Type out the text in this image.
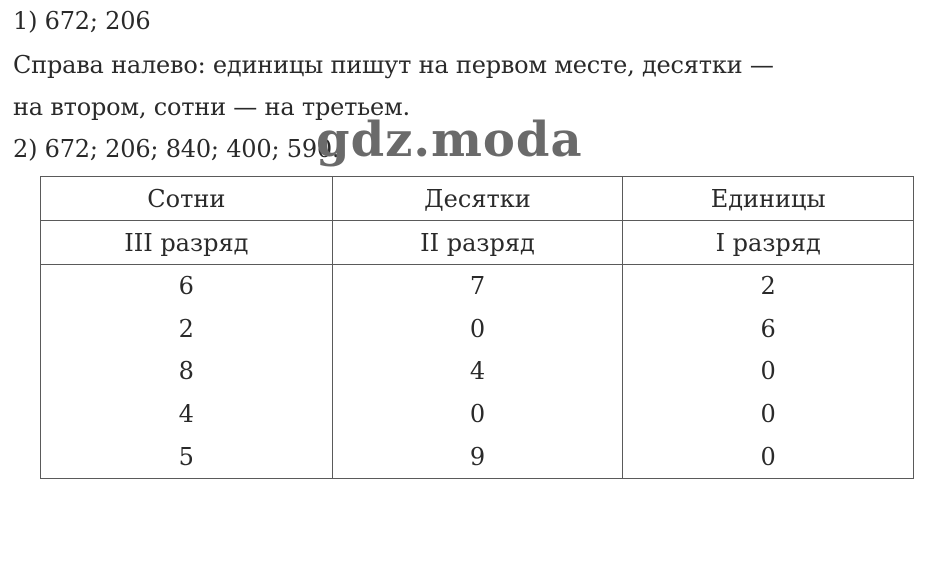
1) 672; 206
Справа налево: единицы пишут на первом месте, десятки —
на втором, сотни — на третьем.
2) 672; 206; 840; 400; 590.
gdz.moda
Сотни	Десятки	Единицы
III разряд	II разряд	I разряд
6	7	2
2	0	6
8	4	0
4	0	0
5	9	0
